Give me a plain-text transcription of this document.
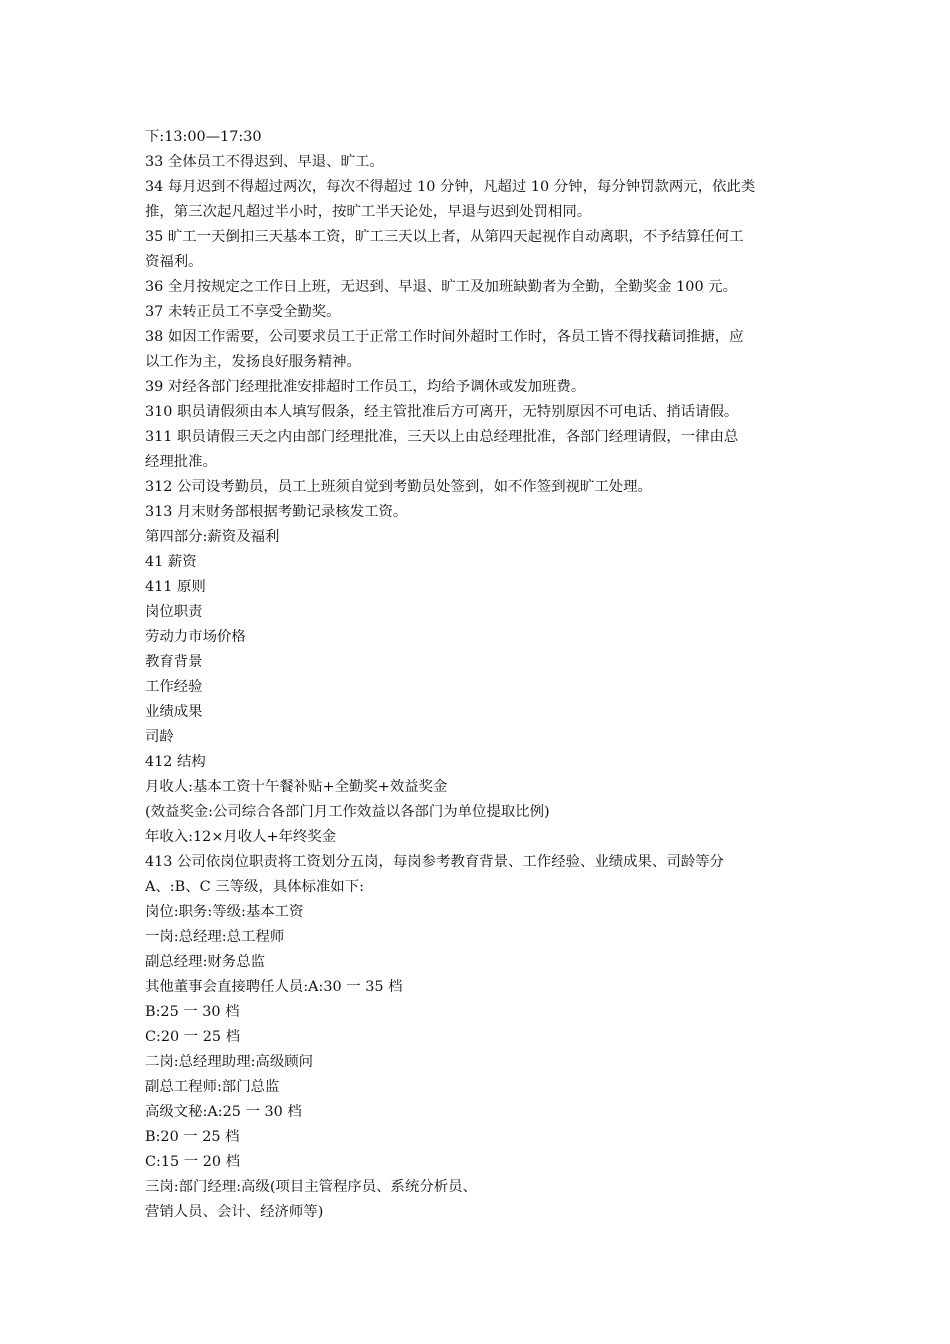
下:13:00—17:30
33 全体员工不得迟到、早退、旷工。
34 每月迟到不得超过两次，每次不得超过 10 分钟，凡超过 10 分钟，每分钟罚款两元，依此类
推，第三次起凡超过半小时，按旷工半天论处，早退与迟到处罚相同。
35 旷工一天倒扣三天基本工资，旷工三天以上者，从第四天起视作自动离职，不予结算任何工
资福利。
36 全月按规定之工作日上班，无迟到、早退、旷工及加班缺勤者为全勤，全勤奖金 100 元。
37 未转正员工不享受全勤奖。
38 如因工作需要，公司要求员工于正常工作时间外超时工作时，各员工皆不得找藉词推搪，应
以工作为主，发扬良好服务精神。
39 对经各部门经理批准安排超时工作员工，均给予调休或发加班费。
310 职员请假须由本人填写假条，经主管批准后方可离开，无特别原因不可电话、捎话请假。
311 职员请假三天之内由部门经理批准，三天以上由总经理批准，各部门经理请假，一律由总
经理批准。
312 公司设考勤员，员工上班须自觉到考勤员处签到，如不作签到视旷工处理。
313 月末财务部根据考勤记录核发工资。
第四部分:薪资及福利
41 薪资
411 原则
岗位职责
劳动力市场价格
教育背景
工作经验
业绩成果
司龄
412 结构
月收人:基本工资十午餐补贴+全勤奖+效益奖金
(效益奖金:公司综合各部门月工作效益以各部门为单位提取比例)
年收入:12×月收人+年终奖金
413 公司依岗位职责将工资划分五岗，每岗参考教育背景、工作经验、业绩成果、司龄等分
A、:B、C 三等级，具体标准如下:
岗位:职务:等级:基本工资
一岗:总经理:总工程师
副总经理:财务总监
其他董事会直接聘任人员:A:30 一 35 档
B:25 一 30 档
C:20 一 25 档
二岗:总经理助理:高级顾问
副总工程师:部门总监
高级文秘:A:25 一 30 档
B:20 一 25 档
C:15 一 20 档
三岗:部门经理:高级(项目主管程序员、系统分析员、
营销人员、会计、经济师等)
